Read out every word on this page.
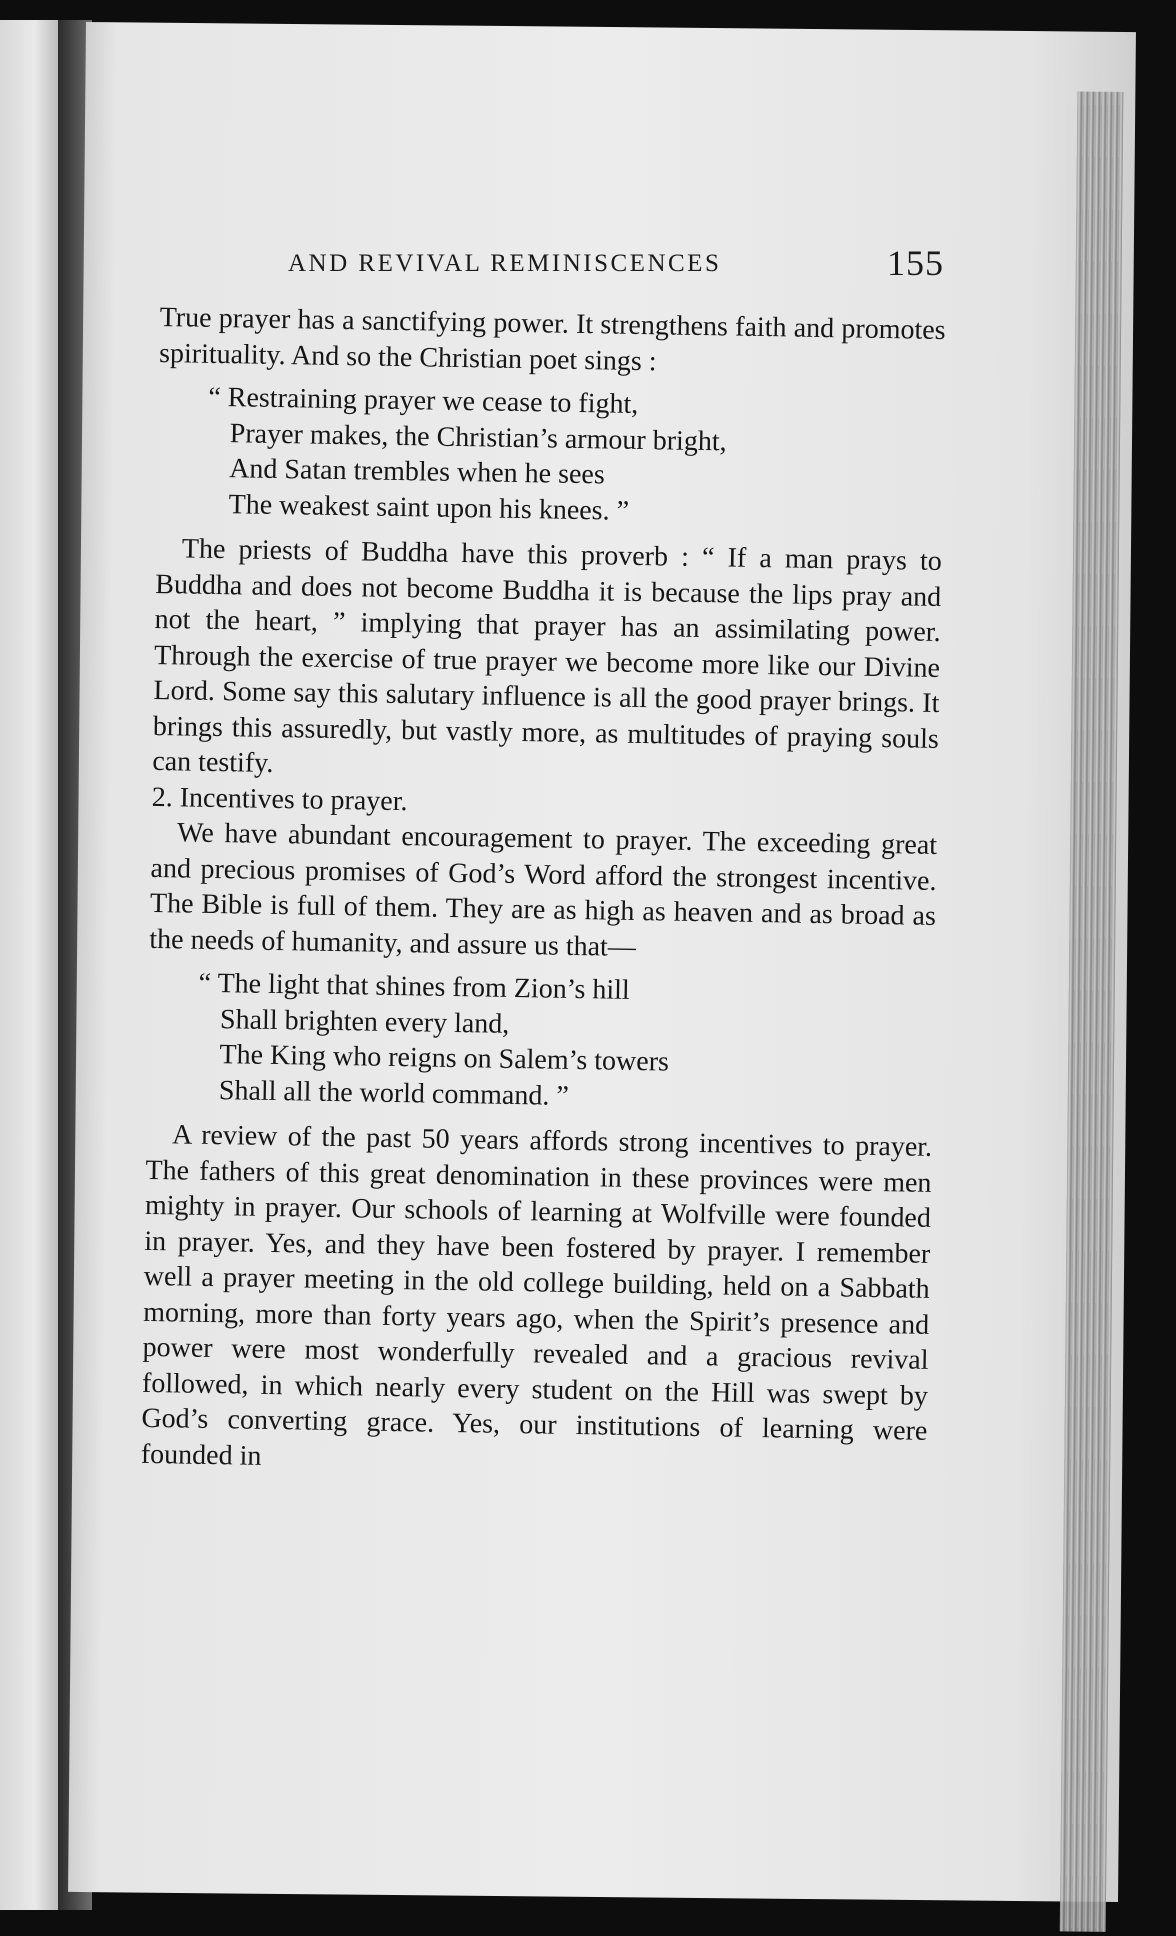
AND REVIVAL REMINISCENCES	155

True prayer has a sanctifying power. It strengthens faith and promotes spirituality. And so the Christian poet sings :

“ Restraining prayer we cease to fight,
Prayer makes, the Christian’s armour bright,
And Satan trembles when he sees
The weakest saint upon his knees. ”

The priests of Buddha have this proverb : “ If a man prays to Buddha and does not become Buddha it is because the lips pray and not the heart, ” implying that prayer has an assimilating power. Through the exercise of true prayer we become more like our Divine Lord. Some say this salutary influence is all the good prayer brings. It brings this assuredly, but vastly more, as multitudes of praying souls can testify.

2. Incentives to prayer.

We have abundant encouragement to prayer. The exceeding great and precious promises of God’s Word afford the strongest incentive. The Bible is full of them. They are as high as heaven and as broad as the needs of humanity, and assure us that—

“ The light that shines from Zion’s hill
Shall brighten every land,
The King who reigns on Salem’s towers
Shall all the world command. ”

A review of the past 50 years affords strong incentives to prayer. The fathers of this great denomination in these provinces were men mighty in prayer. Our schools of learning at Wolfville were founded in prayer. Yes, and they have been fostered by prayer. I remember well a prayer meeting in the old college building, held on a Sabbath morning, more than forty years ago, when the Spirit’s presence and power were most wonderfully revealed and a gracious revival followed, in which nearly every student on the Hill was swept by God’s converting grace. Yes, our institutions of learning were founded in
